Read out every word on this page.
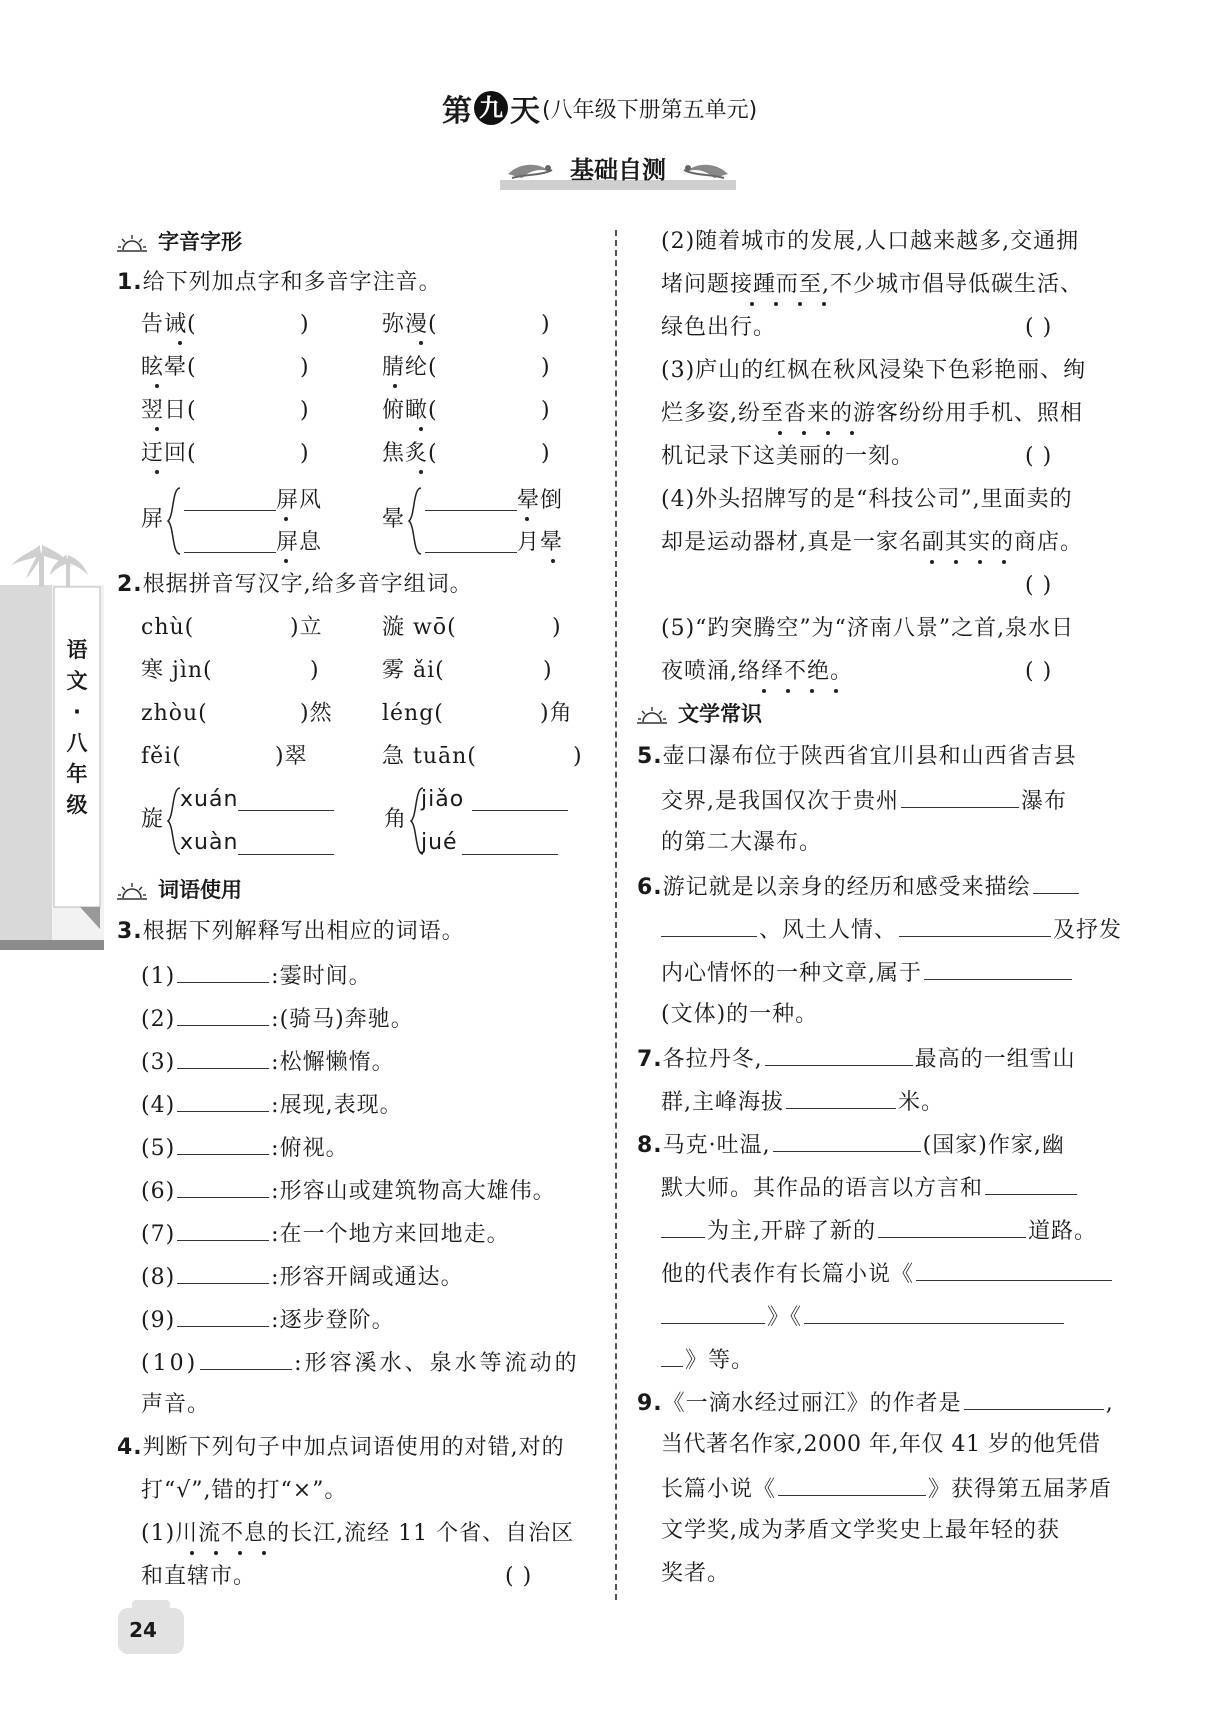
第 九 天(八年级下册第五单元)
基础自测
语
文
·
八
年
级
字音字形
1.给下列加点字和多音字注音。
告诫(	)	弥漫(	)
眩晕(	)	腈纶(	)
翌日(	)	俯瞰(	)
迂回(	)	焦炙(	)
屏
屏风
屏息
晕
晕倒
月晕
2.根据拼音写汉字,给多音字组词。
chù(	)立	漩 wō(	)
寒 jìn(	)	雾 ǎi(	)
zhòu(	)然 léng(	)角
fěi(	)翠	急 tuān(	)
旋
xuán
xuàn
角
jiǎo
jué
词语使用
3.根据下列解释写出相应的词语。
(1)	:霎时间。
(2)	:(骑马)奔驰。
(3)	:松懈懒惰。
(4)	:展现,表现。
(5)	:俯视。
(6)	:形容山或建筑物高大雄伟。
(7)	:在一个地方来回地走。
(8)	:形容开阔或通达。
(9)	:逐步登阶。
(10)	:形容溪水、泉水等流动的
声音。
4.判断下列句子中加点词语使用的对错,对的
打“√”,错的打“×”。
(1)川流不息的长江,流经 11 个省、自治区
和直辖市。	( )
24
(2)随着城市的发展,人口越来越多,交通拥
堵问题接踵而至,不少城市倡导低碳生活、
绿色出行。	( )
(3)庐山的红枫在秋风浸染下色彩艳丽、绚
烂多姿,纷至沓来的游客纷纷用手机、照相
机记录下这美丽的一刻。	( )
(4)外头招牌写的是“科技公司”,里面卖的
却是运动器材,真是一家名副其实的商店。
( )
(5)“趵突腾空”为“济南八景”之首,泉水日
夜喷涌,络绎不绝。	( )
文学常识
5.壶口瀑布位于陕西省宜川县和山西省吉县
交界,是我国仅次于贵州	瀑布
的第二大瀑布。
6.游记就是以亲身的经历和感受来描绘
、风土人情、	及抒发
内心情怀的一种文章,属于
(文体)的一种。
7.各拉丹冬,	最高的一组雪山
群,主峰海拔	米。
8.马克·吐温,	(国家)作家,幽
默大师。其作品的语言以方言和
为主,开辟了新的	道路。
他的代表作有长篇小说《
》《
》等。
9.《一滴水经过丽江》的作者是	,
当代著名作家,2000 年,年仅 41 岁的他凭借
长篇小说《	》获得第五届茅盾
文学奖,成为茅盾文学奖史上最年轻的获
奖者。
